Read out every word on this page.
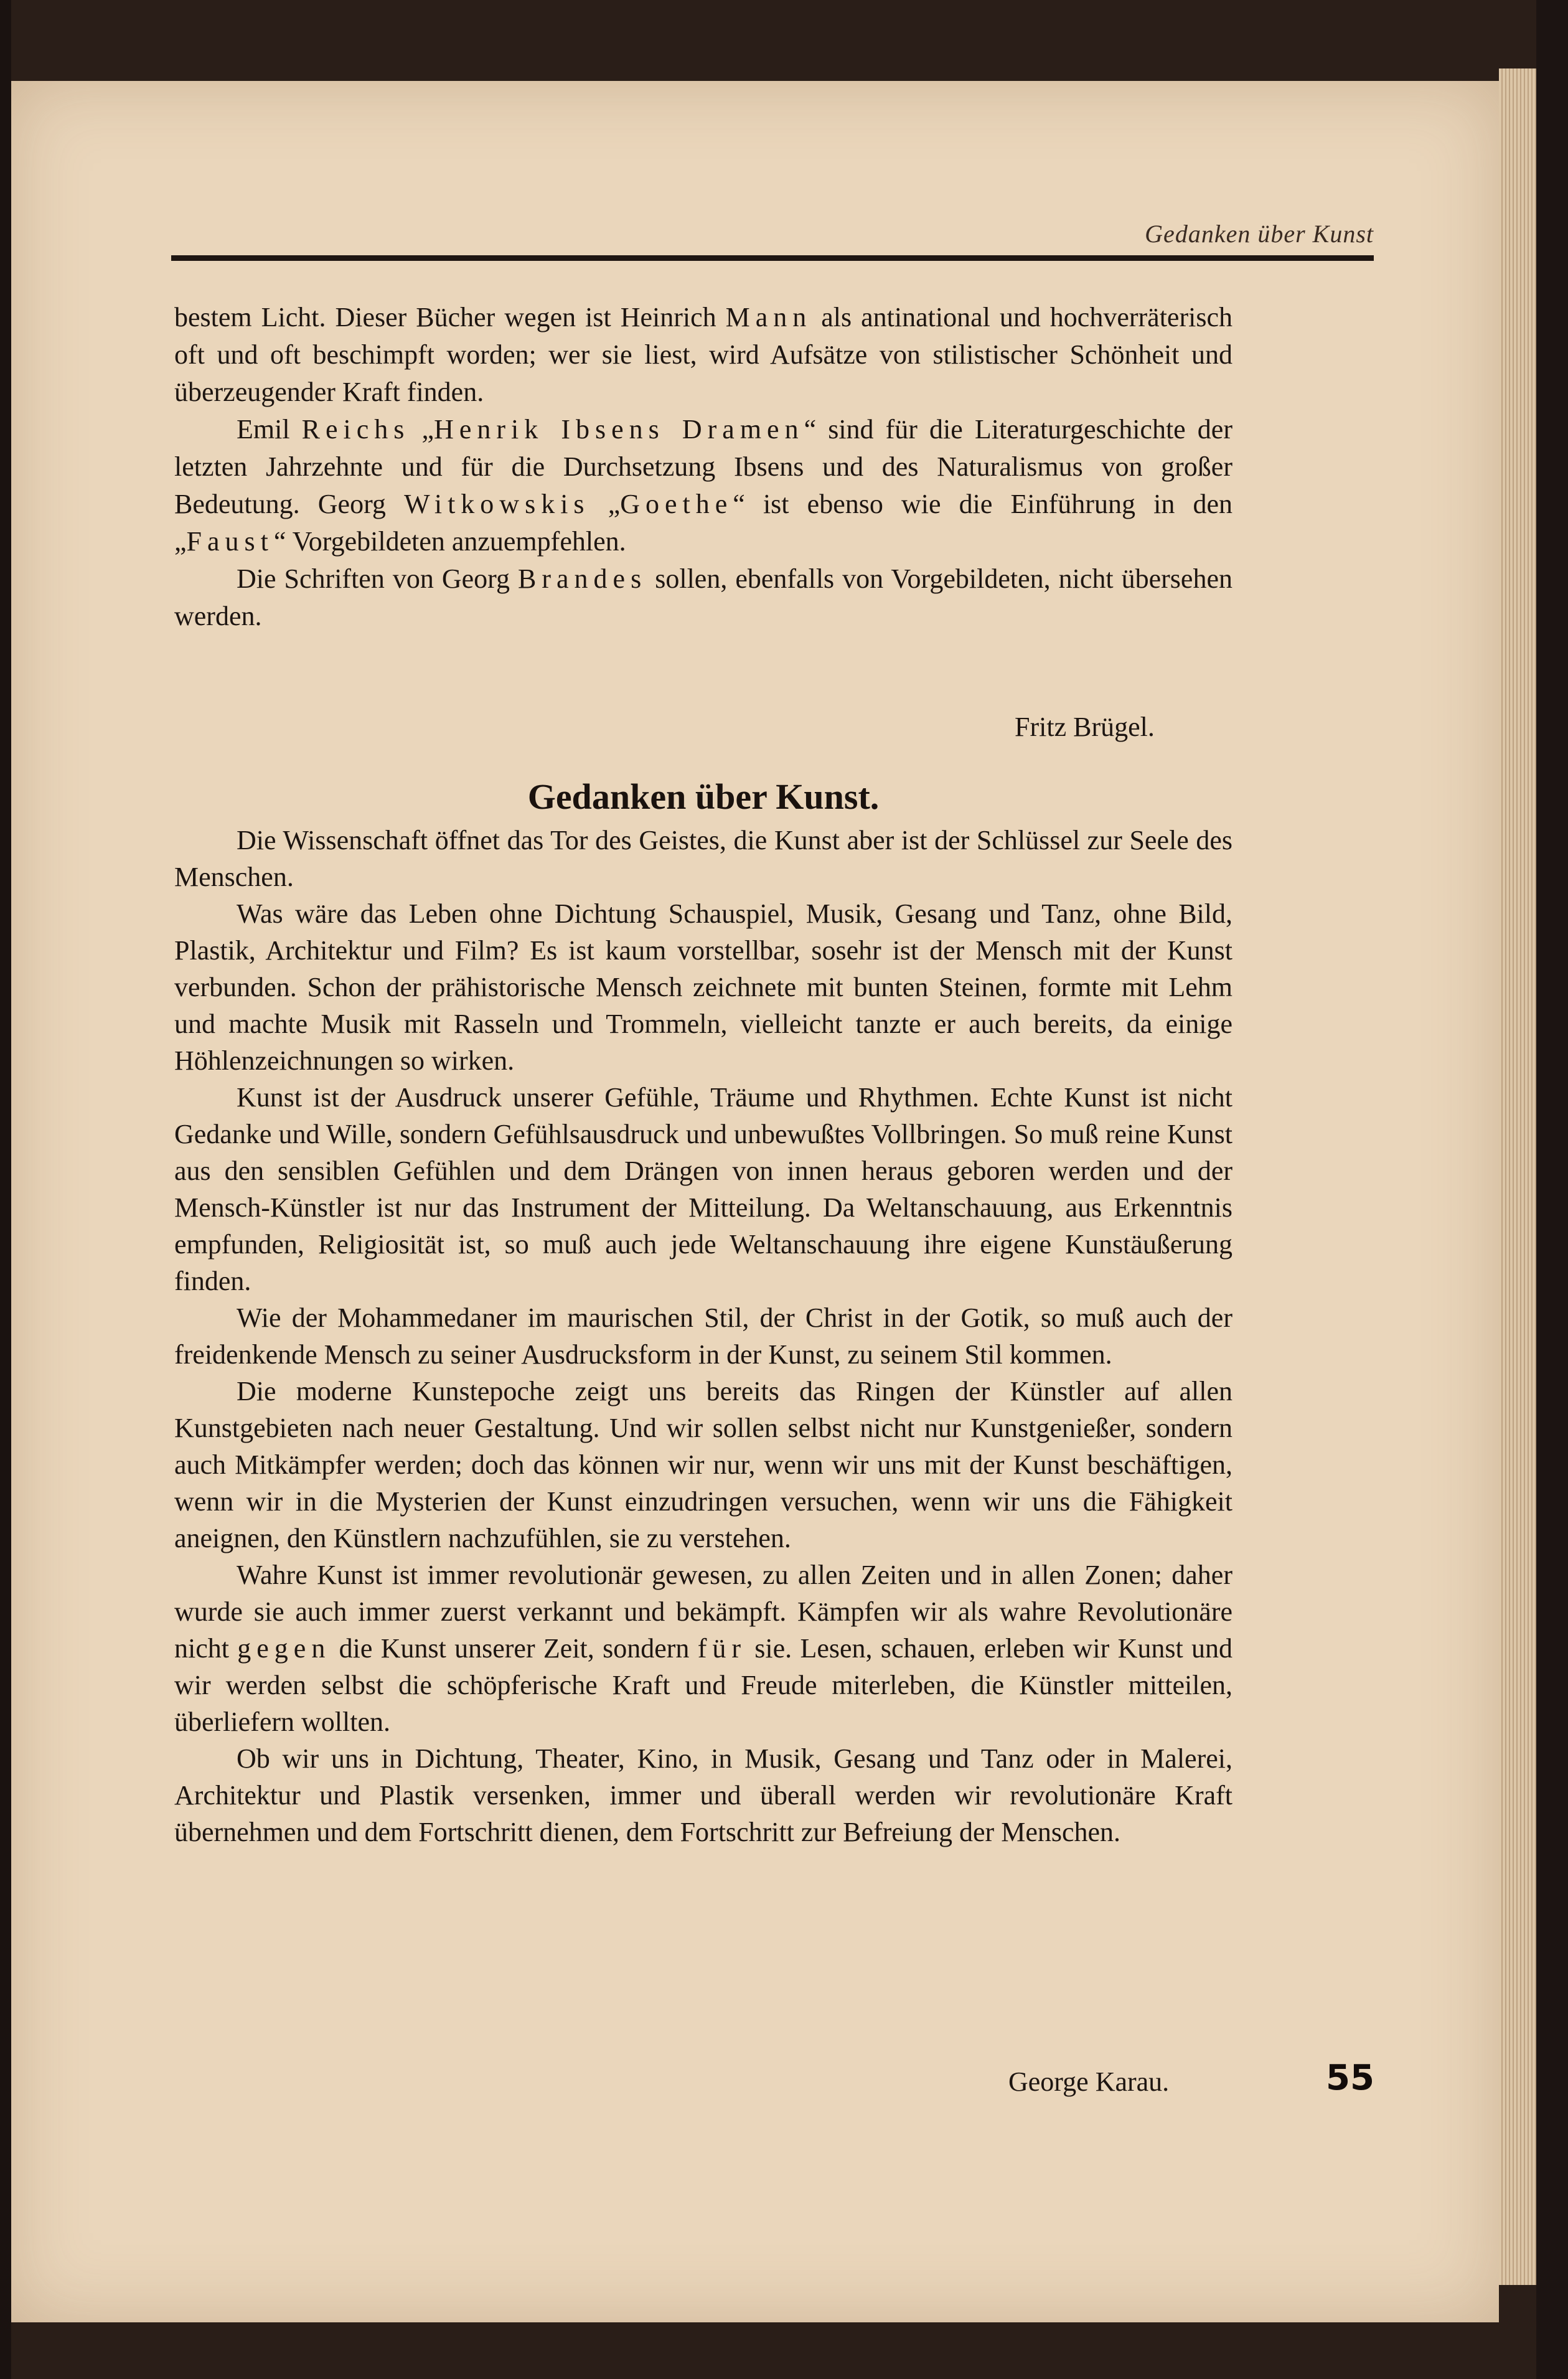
Gedanken über Kunst

bestem Licht. Dieser Bücher wegen ist Heinrich Mann als antinational und hochverräterisch oft und oft beschimpft worden; wer sie liest, wird Aufsätze von stilistischer Schönheit und überzeugender Kraft finden.

Emil Reichs „Henrik Ibsens Dramen“ sind für die Literaturgeschichte der letzten Jahrzehnte und für die Durchsetzung Ibsens und des Naturalismus von großer Bedeutung. Georg Witkowskis „Goethe“ ist ebenso wie die Einführung in den „Faust“ Vorgebildeten anzuempfehlen.

Die Schriften von Georg Brandes sollen, ebenfalls von Vorgebildeten, nicht übersehen werden.

Fritz Brügel.
Gedanken über Kunst.

Die Wissenschaft öffnet das Tor des Geistes, die Kunst aber ist der Schlüssel zur Seele des Menschen.

Was wäre das Leben ohne Dichtung Schauspiel, Musik, Gesang und Tanz, ohne Bild, Plastik, Architektur und Film? Es ist kaum vorstellbar, sosehr ist der Mensch mit der Kunst verbunden. Schon der prähistorische Mensch zeichnete mit bunten Steinen, formte mit Lehm und machte Musik mit Rasseln und Trommeln, vielleicht tanzte er auch bereits, da einige Höhlenzeichnungen so wirken.

Kunst ist der Ausdruck unserer Gefühle, Träume und Rhythmen. Echte Kunst ist nicht Gedanke und Wille, sondern Gefühlsausdruck und unbewußtes Vollbringen. So muß reine Kunst aus den sensiblen Gefühlen und dem Drängen von innen heraus geboren werden und der Mensch-Künstler ist nur das Instrument der Mitteilung. Da Weltanschauung, aus Erkenntnis empfunden, Religiosität ist, so muß auch jede Weltanschauung ihre eigene Kunstäußerung finden.

Wie der Mohammedaner im maurischen Stil, der Christ in der Gotik, so muß auch der freidenkende Mensch zu seiner Ausdrucksform in der Kunst, zu seinem Stil kommen.

Die moderne Kunstepoche zeigt uns bereits das Ringen der Künstler auf allen Kunstgebieten nach neuer Gestaltung. Und wir sollen selbst nicht nur Kunstgenießer, sondern auch Mitkämpfer werden; doch das können wir nur, wenn wir uns mit der Kunst beschäftigen, wenn wir in die Mysterien der Kunst einzudringen versuchen, wenn wir uns die Fähigkeit aneignen, den Künstlern nachzufühlen, sie zu verstehen.

Wahre Kunst ist immer revolutionär gewesen, zu allen Zeiten und in allen Zonen; daher wurde sie auch immer zuerst verkannt und bekämpft. Kämpfen wir als wahre Revolutionäre nicht gegen die Kunst unserer Zeit, sondern für sie. Lesen, schauen, erleben wir Kunst und wir werden selbst die schöpferische Kraft und Freude miterleben, die Künstler mitteilen, überliefern wollten.

Ob wir uns in Dichtung, Theater, Kino, in Musik, Gesang und Tanz oder in Malerei, Architektur und Plastik versenken, immer und überall werden wir revolutionäre Kraft übernehmen und dem Fortschritt dienen, dem Fortschritt zur Befreiung der Menschen.

George Karau.	55
